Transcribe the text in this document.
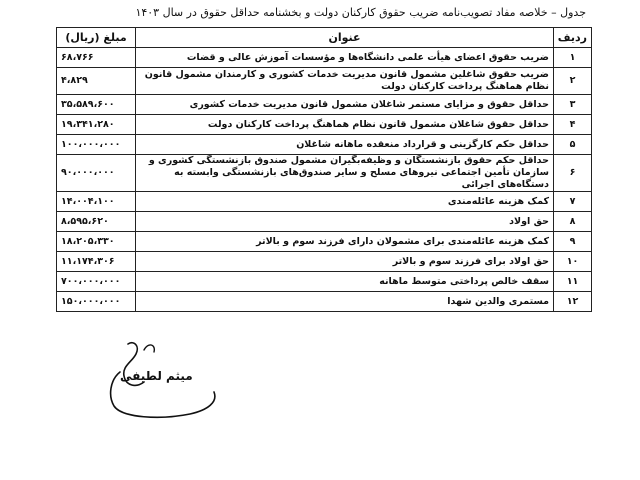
جدول – خلاصه مفاد تصویب‌نامه ضریب حقوق کارکنان دولت و بخشنامه حداقل حقوق در سال ۱۴۰۳
ردیف	عنوان	مبلغ (ریال)
۱	ضریب حقوق اعضای هیأت علمی دانشگاه‌ها و مؤسسات آموزش عالی و قضات	۶۸،۷۶۶
۲	ضریب حقوق شاغلین مشمول قانون مدیریت خدمات کشوری و کارمندان مشمول قانون نظام هماهنگ پرداخت کارکنان دولت	۴،۸۲۹
۳	حداقل حقوق و مزایای مستمر شاغلان مشمول قانون مدیریت خدمات کشوری	۳۵،۵۸۹،۶۰۰
۴	حداقل حقوق شاغلان مشمول قانون نظام هماهنگ پرداخت کارکنان دولت	۱۹،۳۴۱،۲۸۰
۵	حداقل حکم کارگزینی و قرارداد منعقده ماهانه شاغلان	۱۰۰،۰۰۰،۰۰۰
۶	حداقل حکم حقوق بازنشستگان و وظیفه‌بگیران مشمول صندوق بازنشستگی کشوری و سازمان تأمین اجتماعی نیروهای مسلح و سایر صندوق‌های بازنشستگی وابسته به دستگاه‌های اجرائی	۹۰،۰۰۰،۰۰۰
۷	کمک هزینه عائله‌مندی	۱۴،۰۰۴،۱۰۰
۸	حق اولاد	۸،۵۹۵،۶۲۰
۹	کمک هزینه عائله‌مندی برای مشمولان دارای فرزند سوم و بالاتر	۱۸،۲۰۵،۳۳۰
۱۰	حق اولاد برای فرزند سوم و بالاتر	۱۱،۱۷۴،۳۰۶
۱۱	سقف خالص پرداختی متوسط ماهانه	۷۰۰،۰۰۰،۰۰۰
۱۲	مستمری والدین شهدا	۱۵۰،۰۰۰،۰۰۰
میثم لطیفی
